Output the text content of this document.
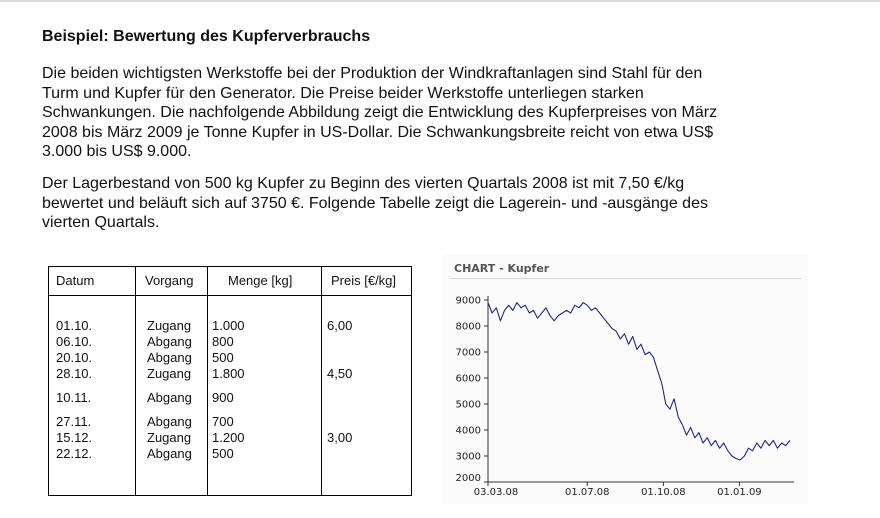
Beispiel: Bewertung des Kupferverbrauchs
Die beiden wichtigsten Werkstoffe bei der Produktion der Windkraftanlagen sind Stahl für den
Turm und Kupfer für den Generator. Die Preise beider Werkstoffe unterliegen starken
Schwankungen. Die nachfolgende Abbildung zeigt die Entwicklung des Kupferpreises von März
2008 bis März 2009 je Tonne Kupfer in US-Dollar. Die Schwankungsbreite reicht von etwa US$
3.000 bis US$ 9.000.
Der Lagerbestand von 500 kg Kupfer zu Beginn des vierten Quartals 2008 ist mit 7,50 €/kg
bewertet und beläuft sich auf 3750 €. Folgende Tabelle zeigt die Lagerein- und -ausgänge des
vierten Quartals.
Datum	Vorgang	Menge [kg]	Preis [€/kg]
01.10.	Zugang 1.000	6,00
06.10.	Abgang 800
20.10.	Abgang 500
28.10.	Zugang 1.800	4,50
10.11.	Abgang 900
27.11.	Abgang 700
15.12.	Zugang 1.200	3,00
22.12.	Abgang 500
CHART - Kupfer
2000
3000
4000
5000
6000
7000
8000
9000
03.03.08	01.07.08	01.10.08	01.01.09
